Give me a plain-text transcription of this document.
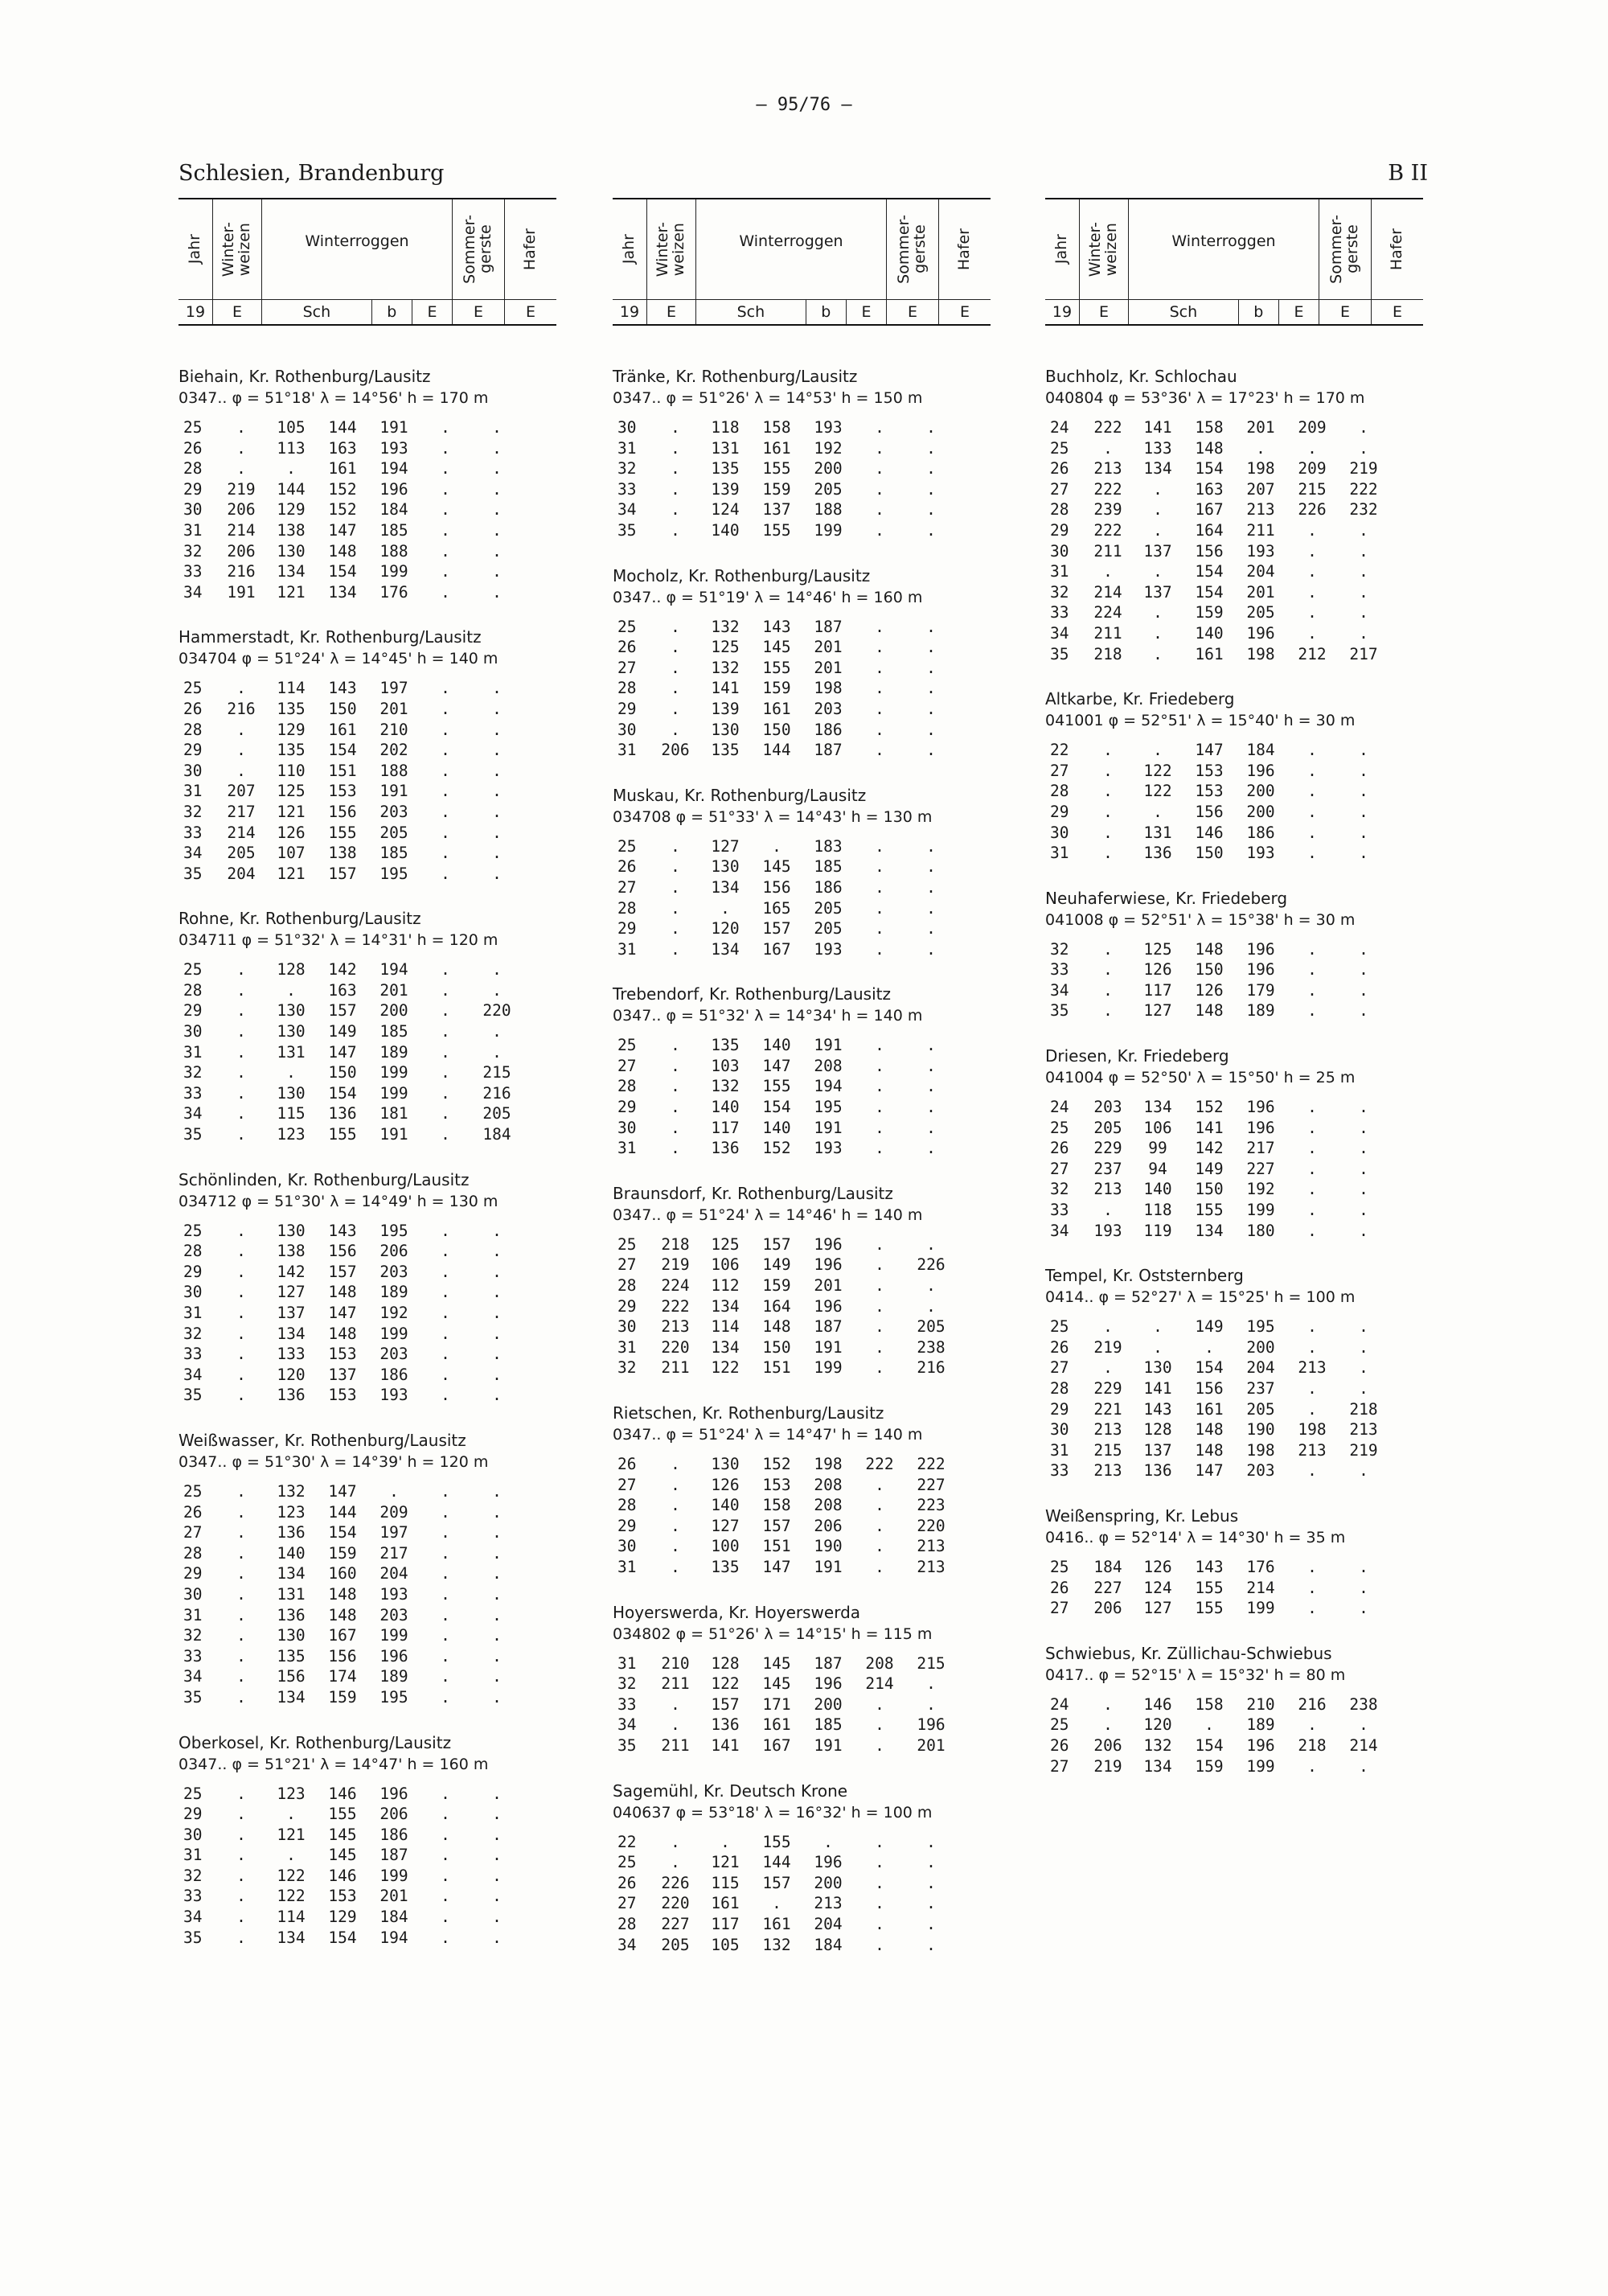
– 95/76 –
Schlesien, Brandenburg	B II
Jahr	Winter-
weizen	Winterroggen			Sommer-
gerste	Hafer

19	E	Sch	b	E	E	E
Biehain, Kr. Rothenburg/Lausitz
0347.. φ = 51°18' λ = 14°56' h = 170 m
25	.	105	144	191	.	.
26	.	113	163	193	.	.
28	.	.	161	194	.	.
29	219	144	152	196	.	.
30	206	129	152	184	.	.
31	214	138	147	185	.	.
32	206	130	148	188	.	.
33	216	134	154	199	.	.
34	191	121	134	176	.	.
Hammerstadt, Kr. Rothenburg/Lausitz
034704 φ = 51°24' λ = 14°45' h = 140 m
25	.	114	143	197	.	.
26	216	135	150	201	.	.
28	.	129	161	210	.	.
29	.	135	154	202	.	.
30	.	110	151	188	.	.
31	207	125	153	191	.	.
32	217	121	156	203	.	.
33	214	126	155	205	.	.
34	205	107	138	185	.	.
35	204	121	157	195	.	.
Rohne, Kr. Rothenburg/Lausitz
034711 φ = 51°32' λ = 14°31' h = 120 m
25	.	128	142	194	.	.
28	.	.	163	201	.	.
29	.	130	157	200	.	220
30	.	130	149	185	.	.
31	.	131	147	189	.	.
32	.	.	150	199	.	215
33	.	130	154	199	.	216
34	.	115	136	181	.	205
35	.	123	155	191	.	184
Schönlinden, Kr. Rothenburg/Lausitz
034712 φ = 51°30' λ = 14°49' h = 130 m
25	.	130	143	195	.	.
28	.	138	156	206	.	.
29	.	142	157	203	.	.
30	.	127	148	189	.	.
31	.	137	147	192	.	.
32	.	134	148	199	.	.
33	.	133	153	203	.	.
34	.	120	137	186	.	.
35	.	136	153	193	.	.
Weißwasser, Kr. Rothenburg/Lausitz
0347.. φ = 51°30' λ = 14°39' h = 120 m
25	.	132	147	.	.	.
26	.	123	144	209	.	.
27	.	136	154	197	.	.
28	.	140	159	217	.	.
29	.	134	160	204	.	.
30	.	131	148	193	.	.
31	.	136	148	203	.	.
32	.	130	167	199	.	.
33	.	135	156	196	.	.
34	.	156	174	189	.	.
35	.	134	159	195	.	.
Oberkosel, Kr. Rothenburg/Lausitz
0347.. φ = 51°21' λ = 14°47' h = 160 m
25	.	123	146	196	.	.
29	.	.	155	206	.	.
30	.	121	145	186	.	.
31	.	.	145	187	.	.
32	.	122	146	199	.	.
33	.	122	153	201	.	.
34	.	114	129	184	.	.
35	.	134	154	194	.	.
Jahr	Winter-
weizen	Winterroggen			Sommer-
gerste	Hafer

19	E	Sch	b	E	E	E
Tränke, Kr. Rothenburg/Lausitz
0347.. φ = 51°26' λ = 14°53' h = 150 m
30	.	118	158	193	.	.
31	.	131	161	192	.	.
32	.	135	155	200	.	.
33	.	139	159	205	.	.
34	.	124	137	188	.	.
35	.	140	155	199	.	.
Mocholz, Kr. Rothenburg/Lausitz
0347.. φ = 51°19' λ = 14°46' h = 160 m
25	.	132	143	187	.	.
26	.	125	145	201	.	.
27	.	132	155	201	.	.
28	.	141	159	198	.	.
29	.	139	161	203	.	.
30	.	130	150	186	.	.
31	206	135	144	187	.	.
Muskau, Kr. Rothenburg/Lausitz
034708 φ = 51°33' λ = 14°43' h = 130 m
25	.	127	.	183	.	.
26	.	130	145	185	.	.
27	.	134	156	186	.	.
28	.	.	165	205	.	.
29	.	120	157	205	.	.
31	.	134	167	193	.	.
Trebendorf, Kr. Rothenburg/Lausitz
0347.. φ = 51°32' λ = 14°34' h = 140 m
25	.	135	140	191	.	.
27	.	103	147	208	.	.
28	.	132	155	194	.	.
29	.	140	154	195	.	.
30	.	117	140	191	.	.
31	.	136	152	193	.	.
Braunsdorf, Kr. Rothenburg/Lausitz
0347.. φ = 51°24' λ = 14°46' h = 140 m
25	218	125	157	196	.	.
27	219	106	149	196	.	226
28	224	112	159	201	.	.
29	222	134	164	196	.	.
30	213	114	148	187	.	205
31	220	134	150	191	.	238
32	211	122	151	199	.	216
Rietschen, Kr. Rothenburg/Lausitz
0347.. φ = 51°24' λ = 14°47' h = 140 m
26	.	130	152	198	222	222
27	.	126	153	208	.	227
28	.	140	158	208	.	223
29	.	127	157	206	.	220
30	.	100	151	190	.	213
31	.	135	147	191	.	213
Hoyerswerda, Kr. Hoyerswerda
034802 φ = 51°26' λ = 14°15' h = 115 m
31	210	128	145	187	208	215
32	211	122	145	196	214	.
33	.	157	171	200	.	.
34	.	136	161	185	.	196
35	211	141	167	191	.	201
Sagemühl, Kr. Deutsch Krone
040637 φ = 53°18' λ = 16°32' h = 100 m
22	.	.	155	.	.	.
25	.	121	144	196	.	.
26	226	115	157	200	.	.
27	220	161	.	213	.	.
28	227	117	161	204	.	.
34	205	105	132	184	.	.
Jahr	Winter-
weizen	Winterroggen			Sommer-
gerste	Hafer

19	E	Sch	b	E	E	E
Buchholz, Kr. Schlochau
040804 φ = 53°36' λ = 17°23' h = 170 m
24	222	141	158	201	209	.
25	.	133	148	.	.	.
26	213	134	154	198	209	219
27	222	.	163	207	215	222
28	239	.	167	213	226	232
29	222	.	164	211	.	.
30	211	137	156	193	.	.
31	.	.	154	204	.	.
32	214	137	154	201	.	.
33	224	.	159	205	.	.
34	211	.	140	196	.	.
35	218	.	161	198	212	217
Altkarbe, Kr. Friedeberg
041001 φ = 52°51' λ = 15°40' h = 30 m
22	.	.	147	184	.	.
27	.	122	153	196	.	.
28	.	122	153	200	.	.
29	.	.	156	200	.	.
30	.	131	146	186	.	.
31	.	136	150	193	.	.
Neuhaferwiese, Kr. Friedeberg
041008 φ = 52°51' λ = 15°38' h = 30 m
32	.	125	148	196	.	.
33	.	126	150	196	.	.
34	.	117	126	179	.	.
35	.	127	148	189	.	.
Driesen, Kr. Friedeberg
041004 φ = 52°50' λ = 15°50' h = 25 m
24	203	134	152	196	.	.
25	205	106	141	196	.	.
26	229	99	142	217	.	.
27	237	94	149	227	.	.
32	213	140	150	192	.	.
33	.	118	155	199	.	.
34	193	119	134	180	.	.
Tempel, Kr. Oststernberg
0414.. φ = 52°27' λ = 15°25' h = 100 m
25	.	.	149	195	.	.
26	219	.	.	200	.	.
27	.	130	154	204	213	.
28	229	141	156	237	.	.
29	221	143	161	205	.	218
30	213	128	148	190	198	213
31	215	137	148	198	213	219
33	213	136	147	203	.	.
Weißenspring, Kr. Lebus
0416.. φ = 52°14' λ = 14°30' h = 35 m
25	184	126	143	176	.	.
26	227	124	155	214	.	.
27	206	127	155	199	.	.
Schwiebus, Kr. Züllichau-Schwiebus
0417.. φ = 52°15' λ = 15°32' h = 80 m
24	.	146	158	210	216	238
25	.	120	.	189	.	.
26	206	132	154	196	218	214
27	219	134	159	199	.	.
